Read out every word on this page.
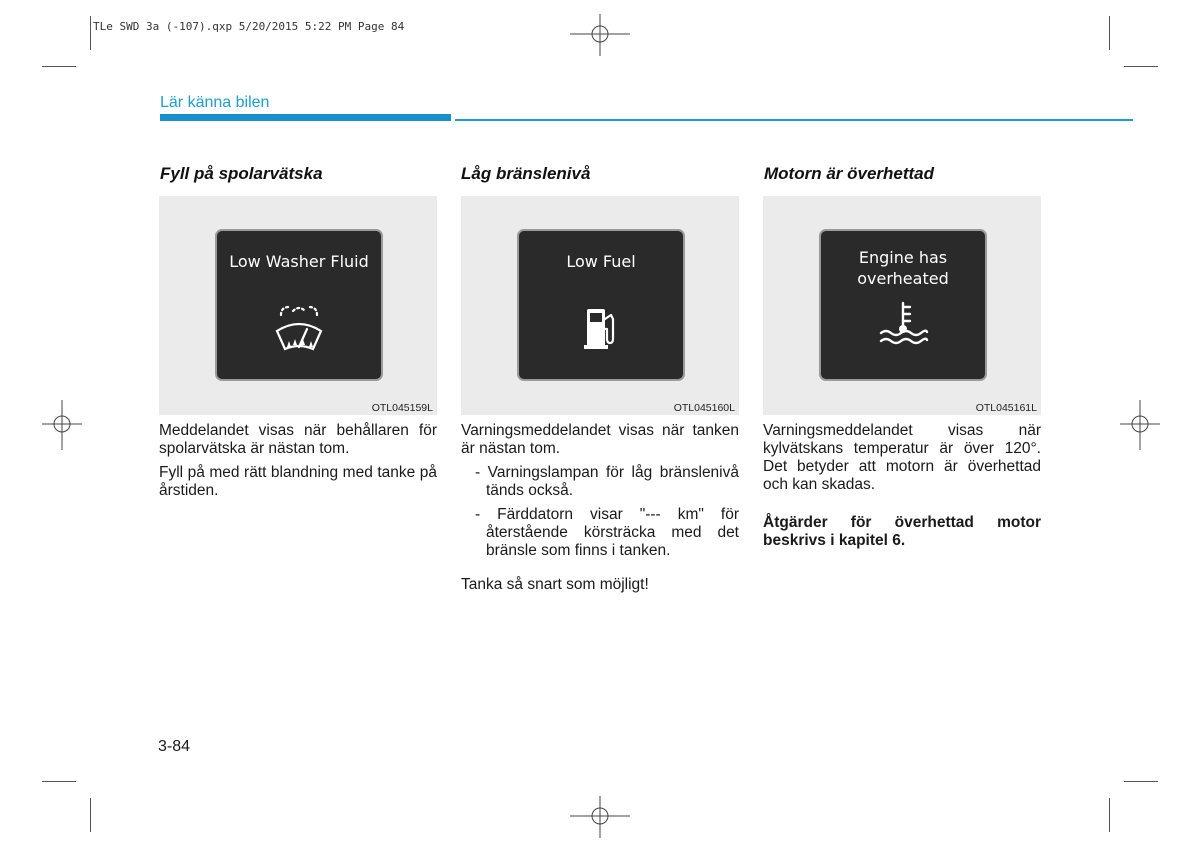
TLe SWD 3a (-107).qxp 5/20/2015 5:22 PM Page 84
Lär känna bilen
Fyll på spolarvätska
Low Washer Fluid
OTL045159L

Meddelandet visas när behållaren för spolarvätska är nästan tom.

Fyll på med rätt blandning med tanke på årstiden.

Låg bränslenivå
Low Fuel
OTL045160L

Varningsmeddelandet visas när tanken är nästan tom.

- Varningslampan för låg bränslenivå tänds också.
- Färddatorn visar "--- km" för återstående körsträcka med det bränsle som finns i tanken.

Tanka så snart som möjligt!

Motorn är överhettad
Engine has
overheated
OTL045161L

Varningsmeddelandet visas när kylvätskans temperatur är över 120°. Det betyder att motorn är överhettad och kan skadas.

Åtgärder för överhettad motor beskrivs i kapitel 6.

3-84
